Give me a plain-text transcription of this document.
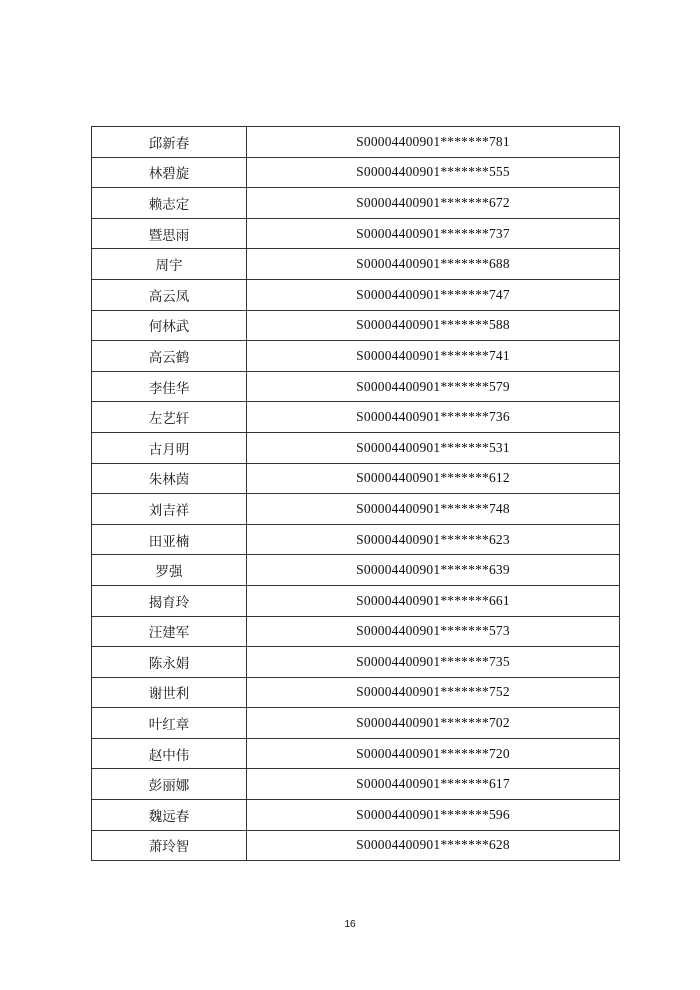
邱新春	S00004400901*******781
林碧旋	S00004400901*******555
赖志定	S00004400901*******672
暨思雨	S00004400901*******737
周宇	S00004400901*******688
高云凤	S00004400901*******747
何林武	S00004400901*******588
高云鹤	S00004400901*******741
李佳华	S00004400901*******579
左艺轩	S00004400901*******736
古月明	S00004400901*******531
朱林茵	S00004400901*******612
刘吉祥	S00004400901*******748
田亚楠	S00004400901*******623
罗强	S00004400901*******639
揭育玲	S00004400901*******661
汪建军	S00004400901*******573
陈永娟	S00004400901*******735
谢世利	S00004400901*******752
叶红章	S00004400901*******702
赵中伟	S00004400901*******720
彭丽娜	S00004400901*******617
魏远春	S00004400901*******596
萧玲智	S00004400901*******628
16
